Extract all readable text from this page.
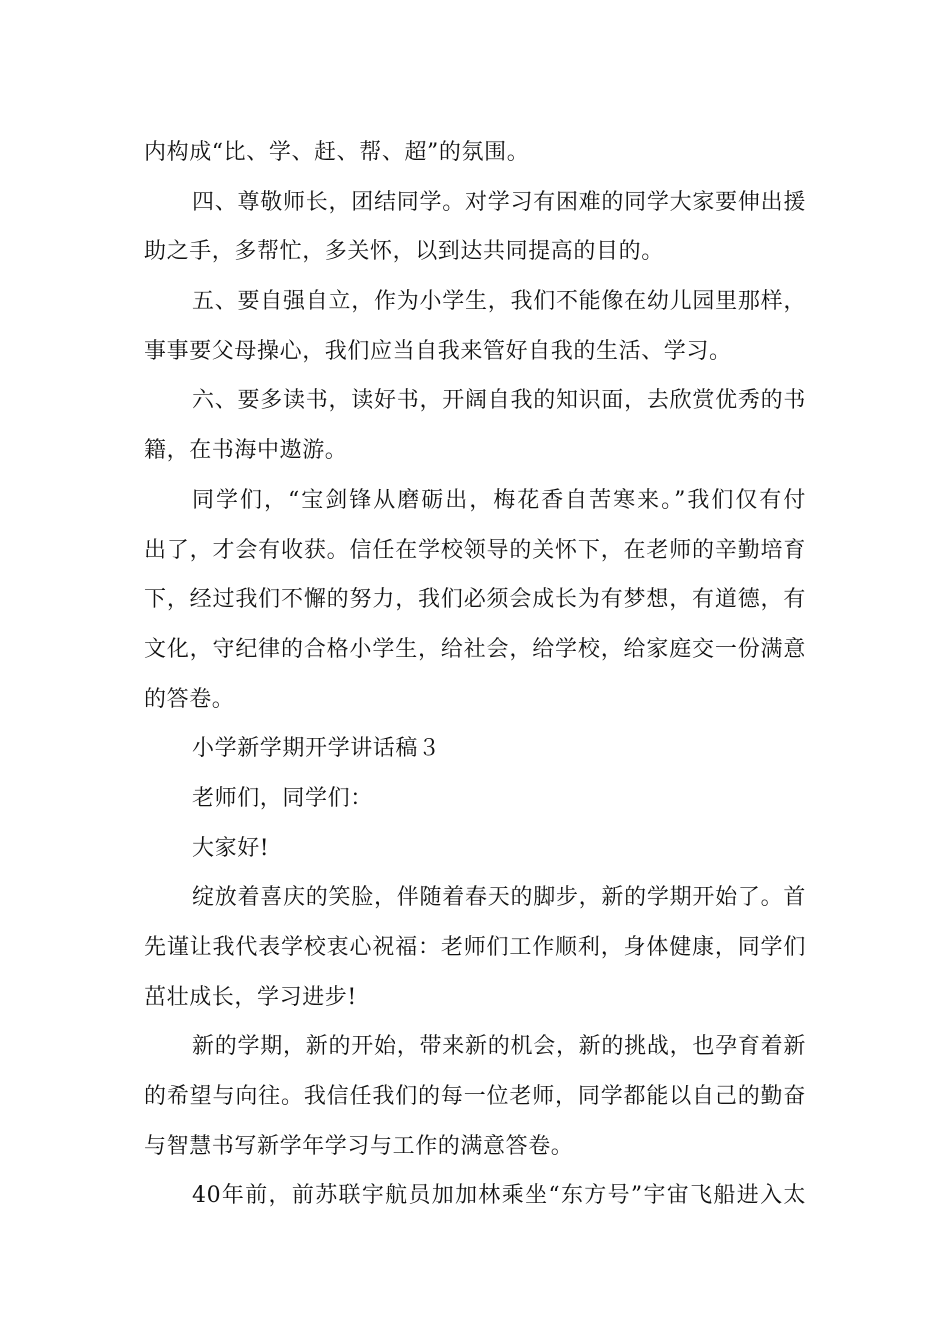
内构成“比、学、赶、帮、超”的氛围。
四、尊敬师长，团结同学。对学习有困难的同学大家要伸出援
助之手，多帮忙，多关怀，以到达共同提高的目的。
五、要自强自立，作为小学生，我们不能像在幼儿园里那样，
事事要父母操心，我们应当自我来管好自我的生活、学习。
六、要多读书，读好书，开阔自我的知识面，去欣赏优秀的书
籍，在书海中遨游。
同学们，“宝剑锋从磨砺出，梅花香自苦寒来。”我们仅有付
出了，才会有收获。信任在学校领导的关怀下，在老师的辛勤培育
下，经过我们不懈的努力，我们必须会成长为有梦想，有道德，有
文化，守纪律的合格小学生，给社会，给学校，给家庭交一份满意
的答卷。
小学新学期开学讲话稿３
老师们，同学们：
大家好!
绽放着喜庆的笑脸，伴随着春天的脚步，新的学期开始了。首
先谨让我代表学校衷心祝福：老师们工作顺利，身体健康，同学们
茁壮成长，学习进步!
新的学期，新的开始，带来新的机会，新的挑战，也孕育着新
的希望与向往。我信任我们的每一位老师，同学都能以自己的勤奋
与智慧书写新学年学习与工作的满意答卷。
40年前，前苏联宇航员加加林乘坐“东方号”宇宙飞船进入太
